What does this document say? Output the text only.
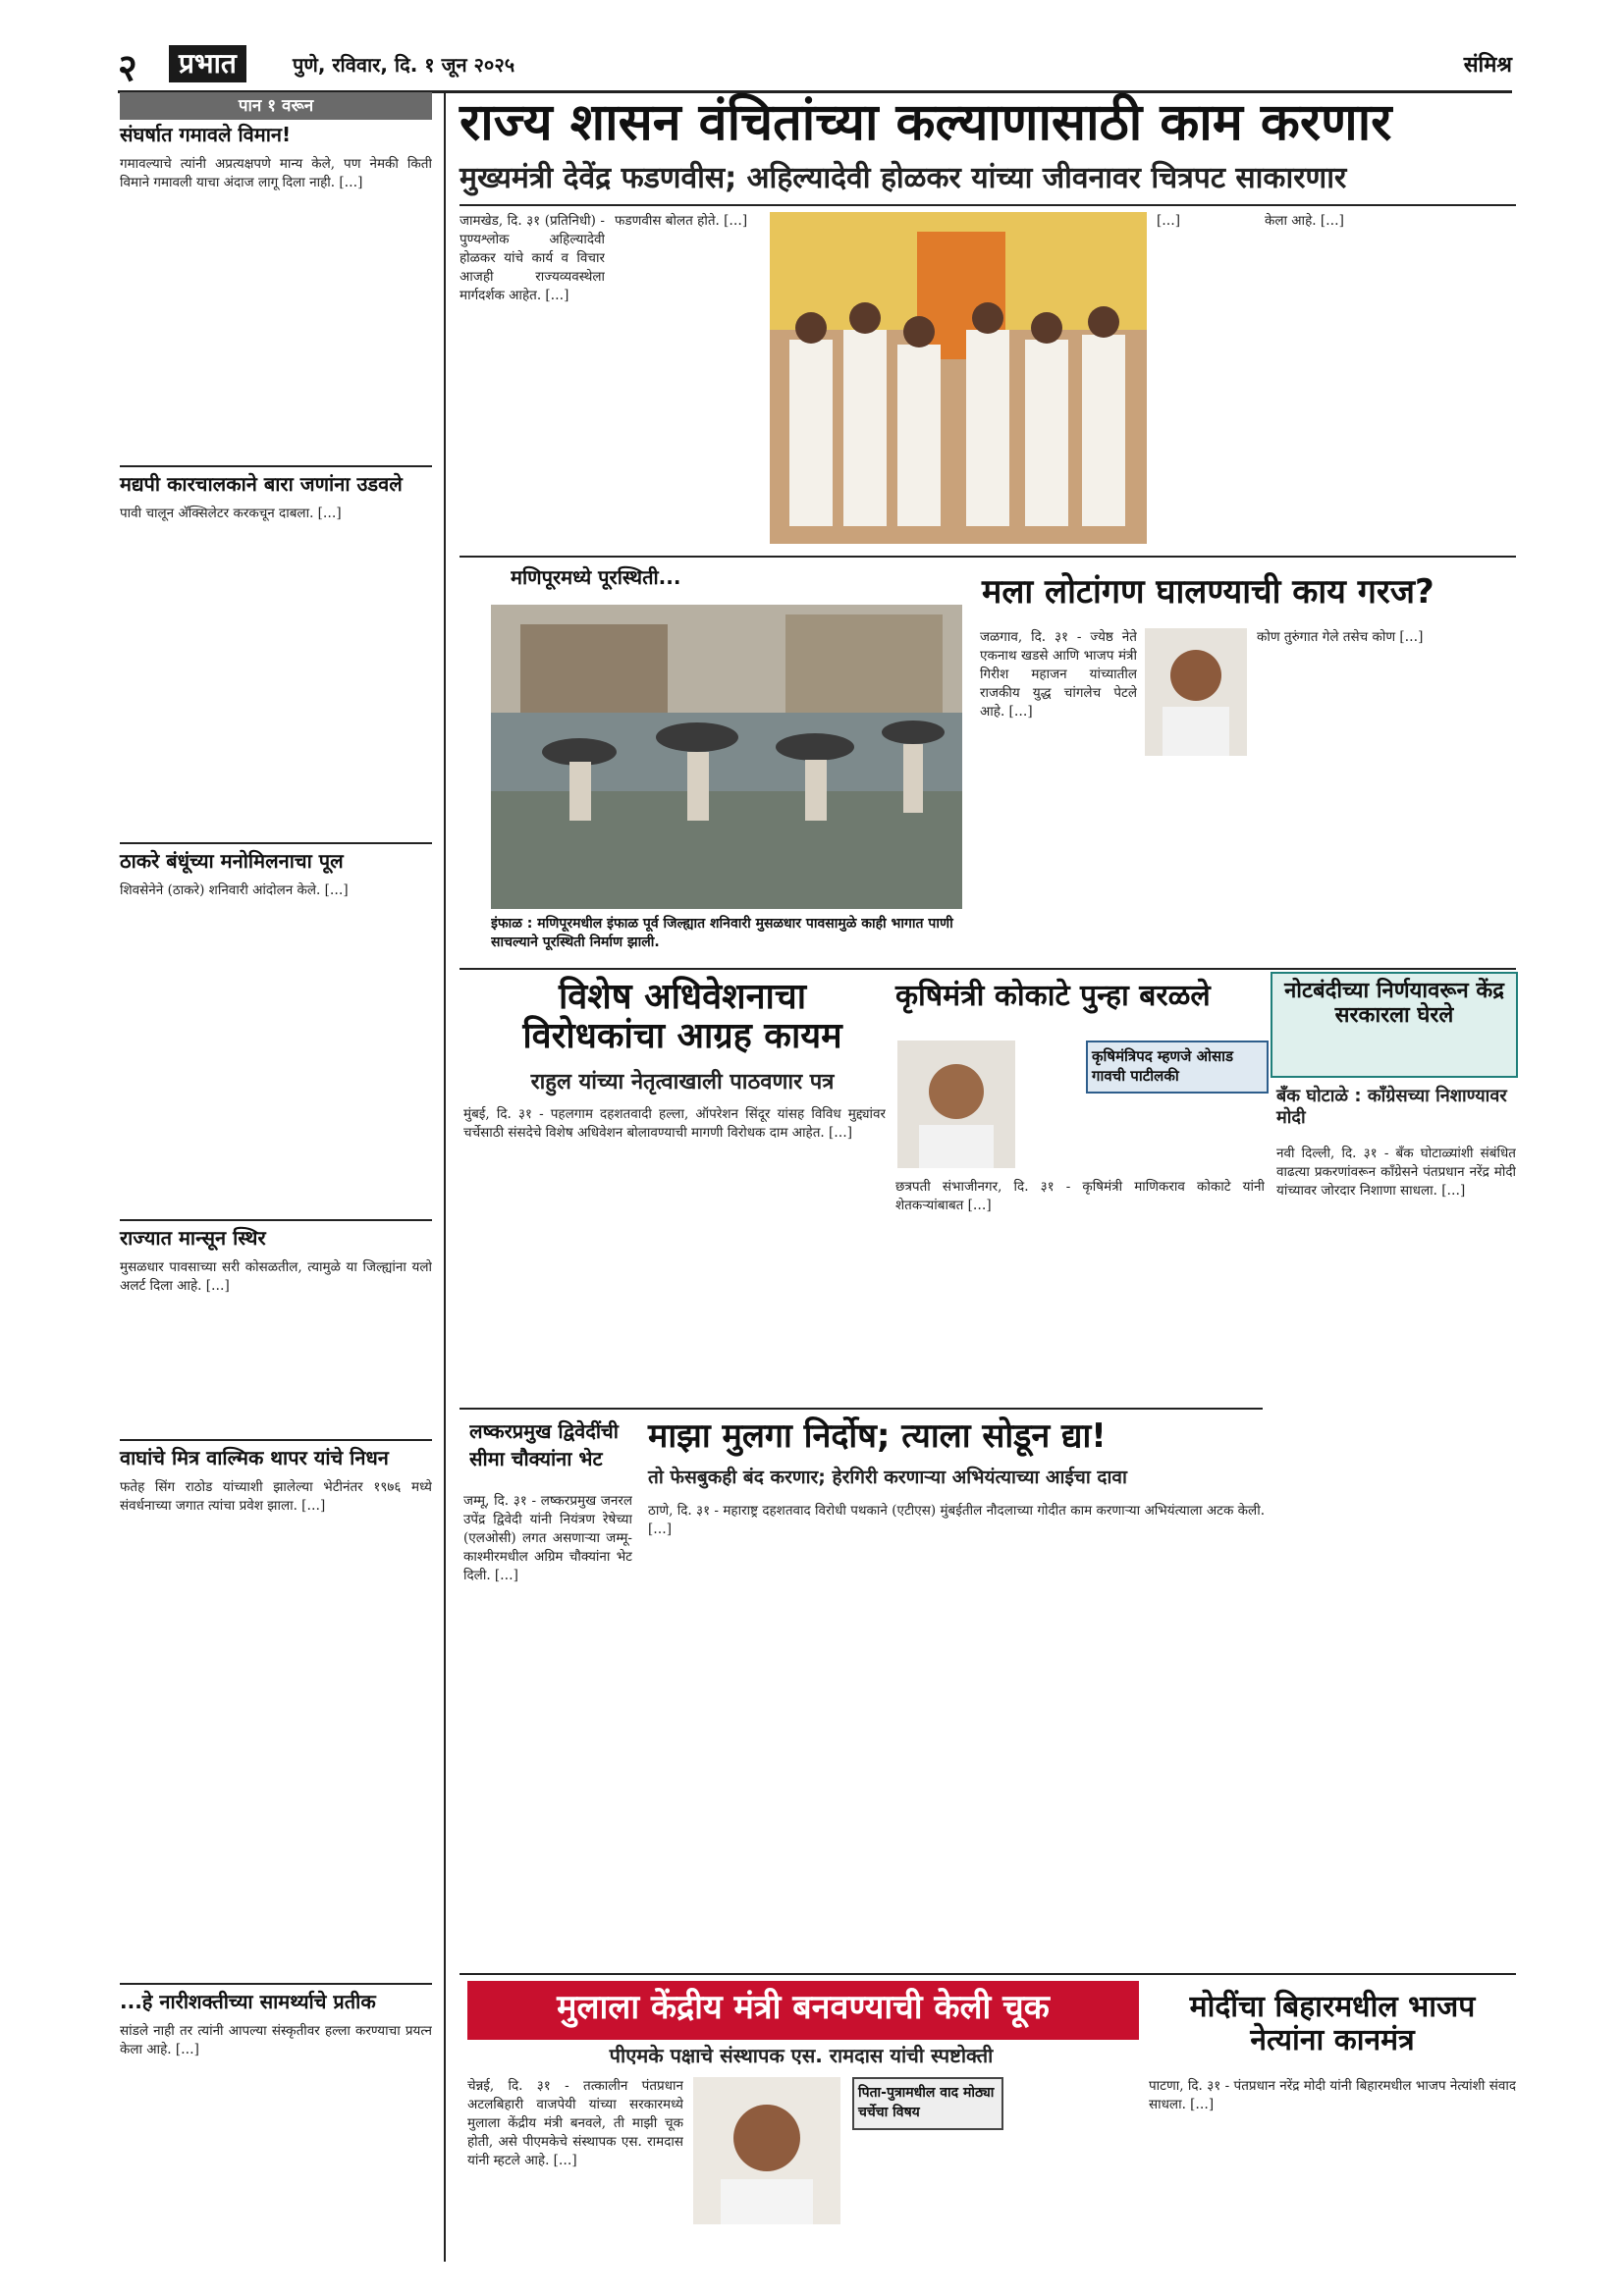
२	प्रभात	पुणे, रविवार, दि. १ जून २०२५	संमिश्र
पान १ वरून
संघर्षात गमावले विमान!
गमावल्याचे त्यांनी अप्रत्यक्षपणे मान्य केले, पण नेमकी किती विमाने गमावली याचा अंदाज लागू दिला नाही. […]
मद्यपी कारचालकाने बारा जणांना उडवले
पावी चालून अ‍ॅक्सिलेटर करकचून दाबला. […]
ठाकरे बंधूंच्या मनोमिलनाचा पूल
शिवसेनेने (ठाकरे) शनिवारी आंदोलन केले. […]
राज्यात मान्सून स्थिर
मुसळधार पावसाच्या सरी कोसळतील, त्यामुळे या जिल्ह्यांना यलो अलर्ट दिला आहे. […]
वाघांचे मित्र वाल्मिक थापर यांचे निधन
फतेह सिंग राठोड यांच्याशी झालेल्या भेटीनंतर १९७६ मध्ये संवर्धनाच्या जगात त्यांचा प्रवेश झाला. […]
...हे नारीशक्तीच्या सामर्थ्याचे प्रतीक
सांडले नाही तर त्यांनी आपल्या संस्कृतीवर हल्ला करण्याचा प्रयत्न केला आहे. […]
राज्य शासन वंचितांच्या कल्याणासाठी काम करणार
मुख्यमंत्री देवेंद्र फडणवीस; अहिल्यादेवी होळकर यांच्या जीवनावर चित्रपट साकारणार
जामखेड, दि. ३१ (प्रतिनिधी) - पुण्यश्लोक अहिल्यादेवी होळकर यांचे कार्य व विचार आजही राज्यव्यवस्थेला मार्गदर्शक आहेत. […]
फडणवीस बोलत होते. […]	[…]	केला आहे. […]
मणिपूरमध्ये पूरस्थिती...
इंफाळ : मणिपूरमधील इंफाळ पूर्व जिल्ह्यात शनिवारी मुसळधार पावसामुळे काही भागात पाणी साचल्याने पूरस्थिती निर्माण झाली.
मला लोटांगण घालण्याची काय गरज?
जळगाव, दि. ३१ - ज्येष्ठ नेते एकनाथ खडसे आणि भाजप मंत्री गिरीश महाजन यांच्यातील राजकीय युद्ध चांगलेच पेटले आहे. […]
कोण तुरुंगात गेले तसेच कोण […]
विशेष अधिवेशनाचा विरोधकांचा आग्रह कायम
राहुल यांच्या नेतृत्वाखाली पाठवणार पत्र
मुंबई, दि. ३१ - पहलगाम दहशतवादी हल्ला, ऑपरेशन सिंदूर यांसह विविध मुद्द्यांवर चर्चेसाठी संसदेचे विशेष अधिवेशन बोलावण्याची मागणी विरोधक दाम आहेत. […]
कृषिमंत्री कोकाटे पुन्हा बरळले
कृषिमंत्रिपद म्हणजे ओसाड गावची पाटीलकी
छत्रपती संभाजीनगर, दि. ३१ - कृषिमंत्री माणिकराव कोकाटे यांनी शेतकऱ्यांबाबत […]
नोटबंदीच्या निर्णयावरून केंद्र सरकारला घेरले
बँक घोटाळे : काँग्रेसच्या निशाण्यावर मोदी
नवी दिल्ली, दि. ३१ - बँक घोटाळ्यांशी संबंधित वाढत्या प्रकरणांवरून काँग्रेसने पंतप्रधान नरेंद्र मोदी यांच्यावर जोरदार निशाणा साधला. […]
लष्करप्रमुख द्विवेदींची सीमा चौक्यांना भेट
जम्मू, दि. ३१ - लष्करप्रमुख जनरल उपेंद्र द्विवेदी यांनी नियंत्रण रेषेच्या (एलओसी) लगत असणाऱ्या जम्मू-काश्मीरमधील अग्रिम चौक्यांना भेट दिली. […]
माझा मुलगा निर्दोष; त्याला सोडून द्या!
तो फेसबुकही बंद करणार; हेरगिरी करणाऱ्या अभियंत्याच्या आईचा दावा
ठाणे, दि. ३१ - महाराष्ट्र दहशतवाद विरोधी पथकाने (एटीएस) मुंबईतील नौदलाच्या गोदीत काम करणाऱ्या अभियंत्याला अटक केली. […]
मुलाला केंद्रीय मंत्री बनवण्याची केली चूक
पीएमके पक्षाचे संस्थापक एस. रामदास यांची स्पष्टोक्ती
चेन्नई, दि. ३१ - तत्कालीन पंतप्रधान अटलबिहारी वाजपेयी यांच्या सरकारमध्ये मुलाला केंद्रीय मंत्री बनवले, ती माझी चूक होती, असे पीएमकेचे संस्थापक एस. रामदास यांनी म्हटले आहे. […]
पिता-पुत्रामधील वाद मोठ्या चर्चेचा विषय
मोदींचा बिहारमधील भाजप नेत्यांना कानमंत्र
पाटणा, दि. ३१ - पंतप्रधान नरेंद्र मोदी यांनी बिहारमधील भाजप नेत्यांशी संवाद साधला. […]
